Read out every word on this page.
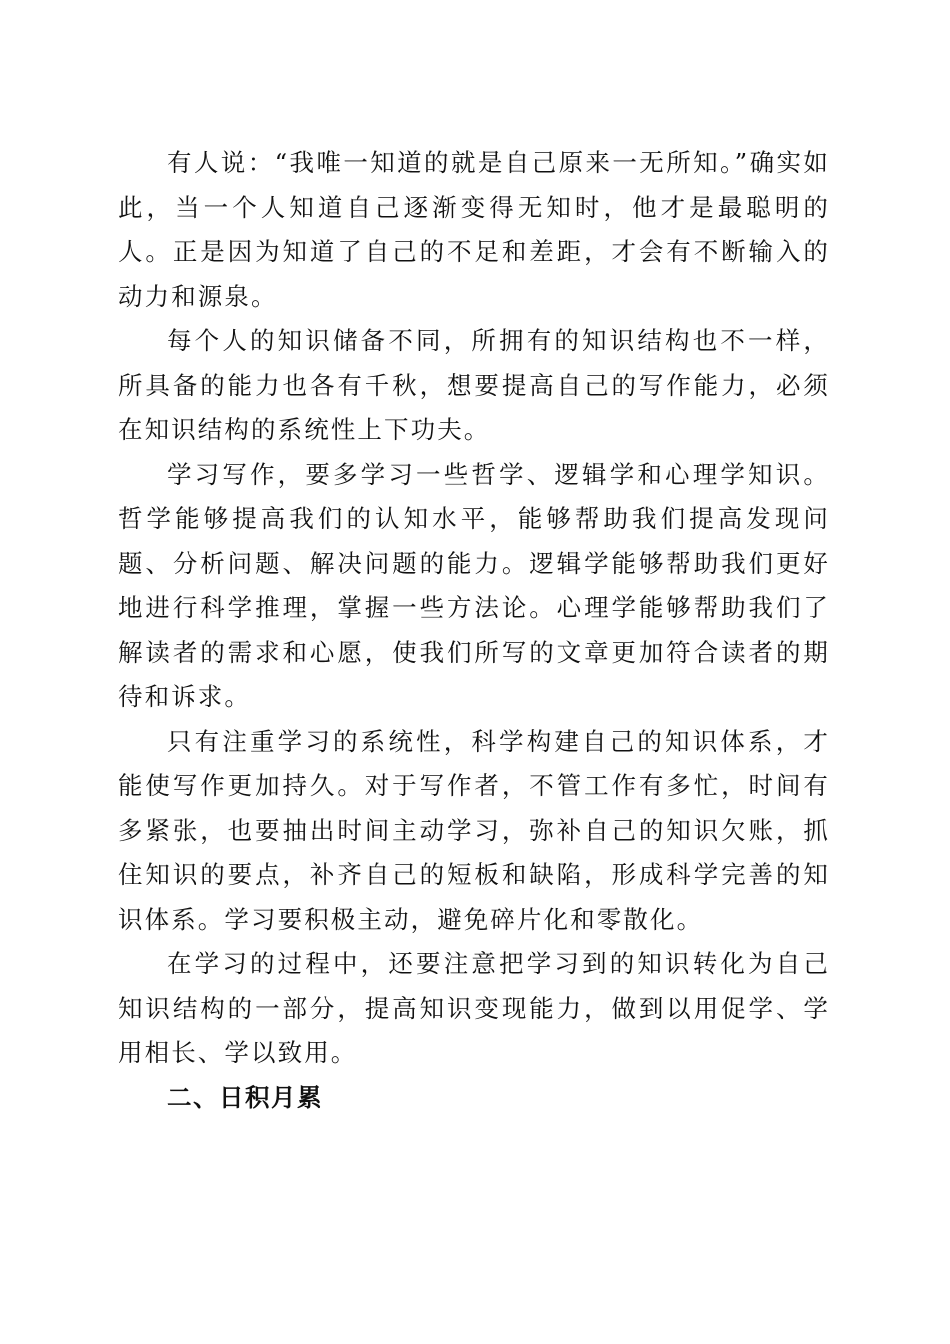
有人说：“我唯一知道的就是自己原来一无所知。”确实如此，当一个人知道自己逐渐变得无知时，他才是最聪明的人。正是因为知道了自己的不足和差距，才会有不断输入的动力和源泉。

每个人的知识储备不同，所拥有的知识结构也不一样，所具备的能力也各有千秋，想要提高自己的写作能力，必须在知识结构的系统性上下功夫。

学习写作，要多学习一些哲学、逻辑学和心理学知识。哲学能够提高我们的认知水平，能够帮助我们提高发现问题、分析问题、解决问题的能力。逻辑学能够帮助我们更好地进行科学推理，掌握一些方法论。心理学能够帮助我们了解读者的需求和心愿，使我们所写的文章更加符合读者的期待和诉求。

只有注重学习的系统性，科学构建自己的知识体系，才能使写作更加持久。对于写作者，不管工作有多忙，时间有多紧张，也要抽出时间主动学习，弥补自己的知识欠账，抓住知识的要点，补齐自己的短板和缺陷，形成科学完善的知识体系。学习要积极主动，避免碎片化和零散化。

在学习的过程中，还要注意把学习到的知识转化为自己知识结构的一部分，提高知识变现能力，做到以用促学、学用相长、学以致用。

二、日积月累
